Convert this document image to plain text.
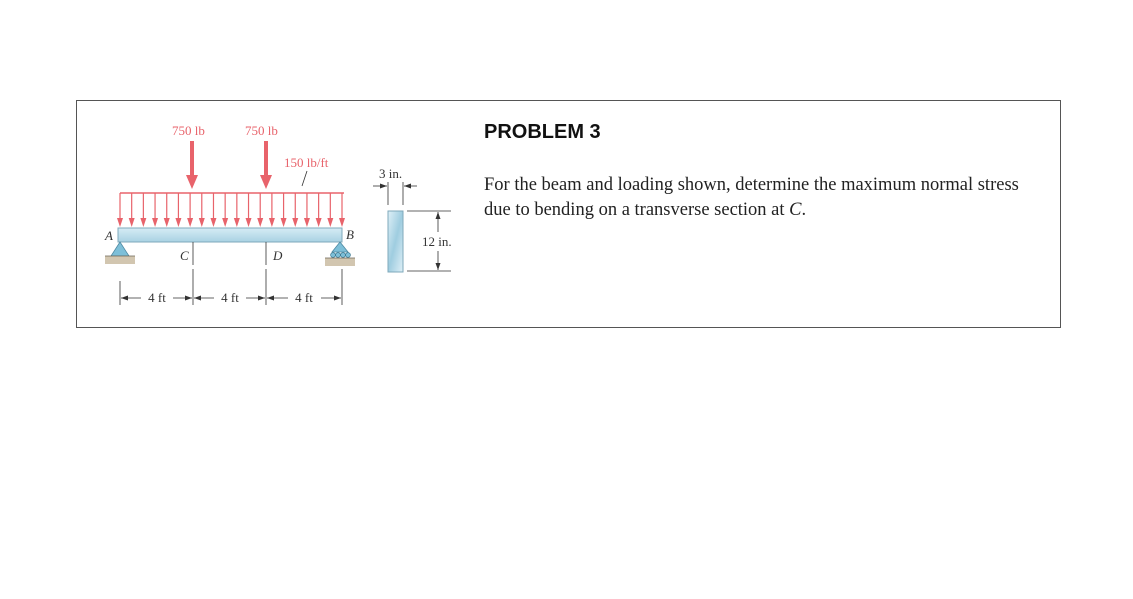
150 lb/ft
750 lb	750 lb
A	B
C	D
4 ft	4 ft	4 ft
3 in.
12 in.
PROBLEM 3

For the beam and loading shown, determine the maximum normal stress due to bending on a transverse section at C.
